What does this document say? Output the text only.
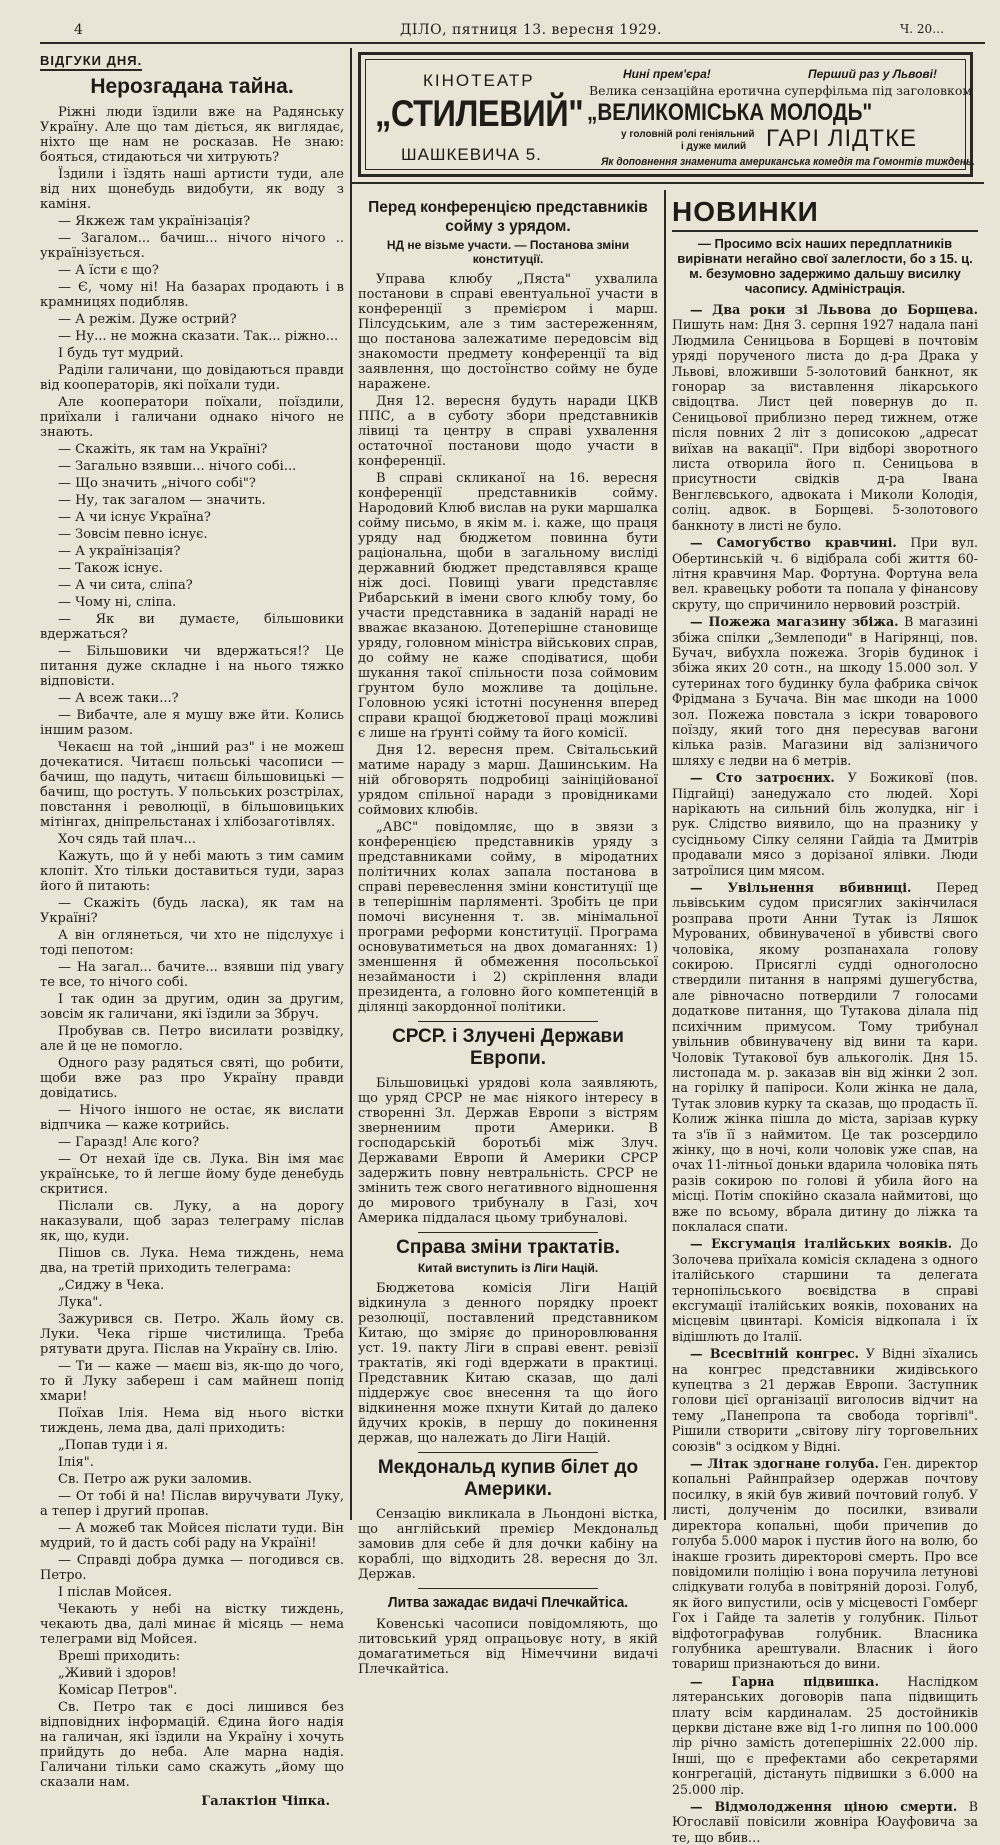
4	ДІЛО, пятниця 13. вересня 1929.	Ч. 20…
ВІДГУКИ ДНЯ.
Нерозгадана тайна.

Ріжні люди їздили вже на Радянську Україну. Але що там діється, як виглядає, ніхто ще нам не росказав. Не знаю: бояться, стидаються чи хитрують?

Їздили і їздять наші артисти туди, але від них щонебудь видобути, як воду з каміня.

— Якжеж там українізація?

— Загалом... бачиш... нічого нічого .. українізується.

— А їсти є що?

— Є, чому ні! На базарах продають і в крамницях подибляв.

— А режім. Дуже острий?

— Ну... не можна сказати. Так... ріжно...

І будь тут мудрий.

Раділи галичани, що довідаються правди від кооператорів, які поїхали туди.

Але кооператори поїхали, поїздили, приїхали і галичани однако нічого не знають.

— Скажіть, як там на Україні?

— Загально взявши... нічого собі...

— Що значить „нічого собі"?

— Ну, так загалом — значить.

— А чи існує Україна?

— Зовсім певно існує.

— А українізація?

— Також існує.

— А чи сита, сліпа?

— Чому ні, сліпа.

— Як ви думаєте, більшовики вдержаться?

— Більшовики чи вдержаться!? Це питання дуже складне і на нього тяжко відповісти.

— А всеж таки...?

— Вибачте, але я мушу вже йти. Колись іншим разом.

Чекаєш на той „інший раз" і не можеш дочекатися. Читаєш польські часописи — бачиш, що падуть, читаєш більшовицькі — бачиш, що ростуть. У польських розстрілах, повстання і революції, в більшовицьких мітінгах, дніпрельстанах і хлібозаготівлях.

Хоч сядь тай плач...

Кажуть, що й у небі мають з тим самим клопіт. Хто тільки доставиться туди, зараз його й питають:

— Скажіть (будь ласка), як там на Україні?

А він оглянеться, чи хто не підслухує і тоді пепотом:

— На загал... бачите... взявши під увагу те все, то нічого собі.

І так один за другим, один за другим, зовсім як галичани, які їздили за Збруч.

Пробував св. Петро висилати розвідку, але й це не помогло.

Одного разу радяться святі, що робити, щоби вже раз про Україну правди довідатись.

— Нічого іншого не остає, як вислати відпчика — каже котрийсь.

— Гаразд! Алє кого?

— От нехай їде св. Лука. Він імя має українське, то й легше йому буде денебудь скритися.

Післали св. Луку, а на дорогу наказували, щоб зараз телеграму післав як, що, куди.

Пішов св. Лука. Нема тиждень, нема два, на третій приходить телеграма:

„Сиджу в Чека.

Лука".

Зажурився св. Петро. Жаль йому св. Луки. Чека гірше чистилища. Треба рятувати друга. Післав на Україну св. Ілію.

— Ти — каже — маєш віз, як-що до чого, то й Луку забереш і сам майнеш попід хмари!

Поїхав Ілія. Нема від нього вістки тиждень, лема два, далі приходить:

„Попав туди і я.

Ілія".

Св. Петро аж руки заломив.

— От тобі й на! Післав виручувати Луку, а тепер і другий пропав.

— А можеб так Мойсея післати туди. Він мудрий, то й дасть собі раду на Україні!

— Справді добра думка — погодився св. Петро.

І післав Мойсея.

Чекають у небі на вістку тиждень, чекають два, далі минає й місяць — нема телеграми від Мойсея.

Вреші приходить:

„Живий і здоров!

Комісар Петров".

Св. Петро так є досі лишився без відповідних інформацій. Єдина його надія на галичан, які їздили на Україну і хочуть прийдуть до неба. Але марна надія. Галичани тільки само скажуть „йому що сказали нам.

Галактіон Чіпка.
КІНОТЕАТР
„СТИЛЕВИЙ"
ШАШКЕВИЧА 5.
Нині прем'єра!	Перший раз у Львові!
Велика сензаційна еротична суперфільма під заголовком
„ВЕЛИКОМІСЬКА МОЛОДЬ"
у головній ролі геніяльний
і дуже милий ГАРІ ЛІДТКЕ
Як доповнення знаменита американська комедія та Гомонтів тиждень.
Перед конференцією представників сойму з урядом.
НД не візьме участи. — Постанова зміни конституції.

Управа клюбу „Пяста" ухвалила постанови в справі евентуальної участи в конференції з премієром і марш. Пілсудським, але з тим застереженням, що постанова залежатиме передовсім від знакомости предмету конференції та від заявлення, що достоїнство сойму не буде наражене.

Дня 12. вересня будуть наради ЦКВ ППС, а в суботу збори представників лівиці та центру в справі ухвалення остаточної постанови щодо участи в конференції.

В справі скликаної на 16. вересня конференції представників сойму. Народовий Клюб вислав на руки маршалка сойму письмо, в якім м. і. каже, що праця уряду над бюджетом повинна бути раціональна, щоби в загальному висліді державний бюджет представлявся краще ніж досі. Повищі уваги представляє Рибарський в імени свого клюбу тому, бо участи представника в заданій нараді не вважає вказаною. Дотеперішне становище уряду, головном міністра військових справ, до сойму не каже сподіватися, щоби шукання такої спільности поза соймовим ґрунтом було можливе та доцільне. Головною усякі істотні посунення вперед справи кращої бюджетової праці можливі є лише на ґрунті сойму та його комісії.

Дня 12. вересня прем. Світальський матиме нараду з марш. Дашинським. На ній обговорять подробиці заініційованої урядом спільної наради з провідниками соймових клюбів.

„АВС" повідомляє, що в звязи з конференцією представників уряду з представниками сойму, в міродатних політичних колах запала постанова в справі перевеслення зміни конституції ще в теперішнім парляменті. Зробіть це при помочі висунення т. зв. мінімальної програми реформи конституції. Програма основуватиметься на двох домаганнях: 1) зменшення й обмеження посольської незайманости і 2) скріплення влади президента, а головно його компетенцій в ділянці закордонної політики.

СРСР. і Злучені Держави Европи.

Більшовицькі урядові кола заявляють, що уряд СРСР не має ніякого інтересу в створенні Зл. Держав Европи з вістрям звернениим проти Америки. В господарській боротьбі між Злуч. Державами Европи й Америки СРСР задержить повну невтральність. СРСР не змінить теж свого негативного відношення до мирового трибуналу в Газі, хоч Америка піддалася цьому трибуналові.

Справа зміни трактатів.
Китай виступить із Ліги Націй.

Бюджетова комісія Ліги Націй відкинула з денного порядку проект резолюції, поставлений представником Китаю, що зміряє до приноровлювання уст. 19. пакту Ліги в справі евент. ревізії трактатів, які годі вдержати в практиці. Представник Китаю сказав, що далі піддержує своє внесення та що його відкинення може пхнути Китай до далеко йдучих кроків, в першу до покинення держав, що належать до Ліги Націй.

Мекдональд купив білет до Америки.

Сензацію викликала в Льондоні вістка, що англійський премієр Мекдональд замовив для себе й для дочки кабіну на кораблі, що відходить 28. вересня до Зл. Держав.

Литва зажадає видачі Плечкайтіса.

Ковенські часописи повідомляють, що литовський уряд опрацьовує ноту, в якій домагатиметься від Німеччини видачі Плечкайтіса.

НОВИНКИ
— Просимо всіх наших передплатників вирівнати негайно свої залеглости, бо з 15. ц. м. безумовно задержимо дальшу висилку часопису. Адміністрація.

— Два роки зі Львова до Борщева. Пишуть нам: Дня 3. серпня 1927 надала пані Людмила Сеницьова в Борщеві в почтовім уряді порученого листа до д-ра Драка у Львові, вложивши 5-золотовий банкнот, як гонорар за виставлення лікарського свідоцтва. Лист цей повернув до п. Сеницьової приблизно перед тижнем, отже після повних 2 літ з дописокою „адресат виїхав на вакації". При відборі зворотного листа отворила його п. Сеницьова в присутности свідків д-ра Івана Венглєвського, адвоката і Миколи Колодія, соліц. адвок. в Борщеві. 5-золотового банкноту в листі не було.

— Самогубство кравчині. При вул. Обертинській ч. 6 відібрала собі життя 60-літня кравчиня Мар. Фортуна. Фортуна вела вел. кравецьку роботи та попала у фінансову скруту, що спричинило нервовий розстрій.

— Пожежа магазину збіжа. В магазині збіжа спілки „Землеподи" в Нагірянці, пов. Бучач, вибухла пожежа. Згорів будинок і збіжа яких 20 сотн., на шкоду 15.000 зол. У сутеринах того будинку була фабрика свічок Фрідмана з Бучача. Він має шкоди на 1000 зол. Пожежа повстала з іскри товарового поїзду, який того дня пересував вагони кілька разів. Магазини від залізничого шляху є ледви на 6 метрів.

— Сто затроєних. У Божиковї (пов. Підгайці) занедужало сто людей. Хорі нарікають на сильний біль жолудка, ніг і рук. Слідство виявило, що на празнику у сусідньому Сілку селяни Гайдіа та Дмитрів продавали мясо з дорізаної ялівки. Люди затроїлися цим мясом.

— Увільнення вбивниці. Перед львівським судом присяглих закінчилася розправа проти Анни Тутак із Ляшок Мурованих, обвинуваченої в убивстві свого чоловіка, якому розпанахала голову сокирою. Присяглі судді одноголосно ствердили питання в напрямі душегубства, але рівночасно потвердили 7 голосами додаткове питання, що Тутакова ділала під психічним примусом. Тому трибунал увільнив обвинувачену від вини та кари. Чоловік Тутакової був алькоголік. Дня 15. листопада м. р. заказав він від жінки 2 зол. на горілку й папіроси. Коли жінка не дала, Тутак зловив курку та сказав, що продасть її. Колиж жінка пішла до міста, зарізав курку та з'їв її з наймитом. Це так розсердило жінку, що в ночі, коли чоловік уже спав, на очах 11-літньої доньки вдарила чоловіка пять разів сокирою по голові й убила його на місці. Потім спокійно сказала наймитові, що вже по всьому, вбрала дитину до ліжка та поклалася спати.

— Ексгумація італійських вояків. До Золочева приїхала комісія складена з одного італійського старшини та делегата тернопільського воєвідства в справі ексгумації італійських вояків, похованих на місцевім цвинтарі. Комісія відкопала і їх відішлють до Італії.

— Всесвітній конгрес. У Відні зїхались на конгрес представники жидівського купецтва з 21 держав Европи. Заступник голови цієї організації виголосив відчит на тему „Панепропа та свобода торгівлі". Рішили створити „світову лігу торговельних союзів" з осідком у Відні.

— Літак здогнане голуба. Ген. директор копальні Райнпрайзер одержав почтову посилку, в якій був живий почтовий голуб. У листі, долученім до посилки, взивали директора копальні, щоби причепив до голуба 5.000 марок і пустив його на волю, бо інакше грозить директорові смерть. Про все повідомили поліцію і вона поручила летунові слідкувати голуба в повітряній дорозі. Голуб, як його випустили, осів у місцевості Гомберг Гох і Гайде та залетів у голубник. Пільот відфотографував голубник. Власника голубника арештували. Власник і його товариш признаються до вини.

— Гарна підвишка. Наслідком лятеранських договорів папа підвищить плату всім кардиналам. 25 достойників церкви дістане вже від 1-го липня по 100.000 лір річно замість дотеперішніх 22.000 лір. Інші, що є префектами або секретарями конгрегацій, дістануть підвишки з 6.000 на 25.000 лір.

— Відмолодження ціною смерти. В Югославії повісили жовніра Юауфовича за те, що вбив…
